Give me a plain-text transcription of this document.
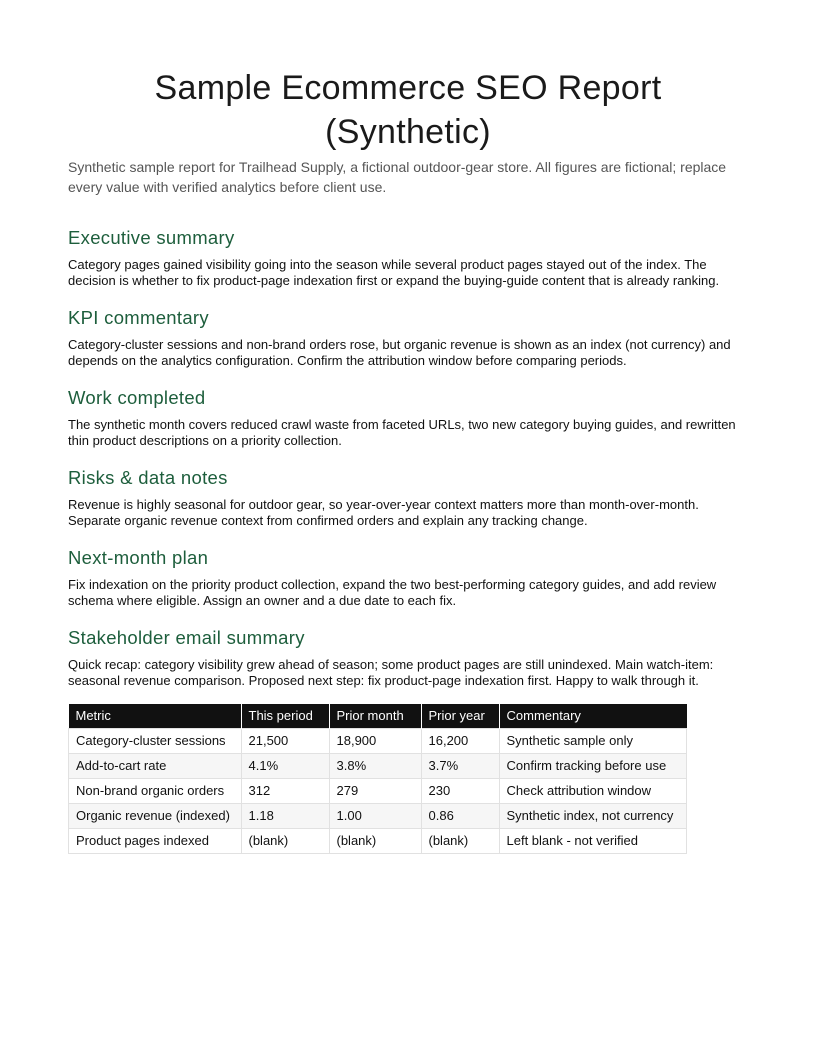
Sample Ecommerce SEO Report (Synthetic)

Synthetic sample report for Trailhead Supply, a fictional outdoor-gear store. All figures are fictional; replace every value with verified analytics before client use.

Executive summary

Category pages gained visibility going into the season while several product pages stayed out of the index. The decision is whether to fix product-page indexation first or expand the buying-guide content that is already ranking.

KPI commentary

Category-cluster sessions and non-brand orders rose, but organic revenue is shown as an index (not currency) and depends on the analytics configuration. Confirm the attribution window before comparing periods.

Work completed

The synthetic month covers reduced crawl waste from faceted URLs, two new category buying guides, and rewritten thin product descriptions on a priority collection.

Risks & data notes

Revenue is highly seasonal for outdoor gear, so year-over-year context matters more than month-over-month. Separate organic revenue context from confirmed orders and explain any tracking change.

Next-month plan

Fix indexation on the priority product collection, expand the two best-performing category guides, and add review schema where eligible. Assign an owner and a due date to each fix.

Stakeholder email summary

Quick recap: category visibility grew ahead of season; some product pages are still unindexed. Main watch-item: seasonal revenue comparison. Proposed next step: fix product-page indexation first. Happy to walk through it.

Metric	This period	Prior month	Prior year	Commentary
Category-cluster sessions	21,500	18,900	16,200	Synthetic sample only
Add-to-cart rate	4.1%	3.8%	3.7%	Confirm tracking before use
Non-brand organic orders	312	279	230	Check attribution window
Organic revenue (indexed)	1.18	1.00	0.86	Synthetic index, not currency
Product pages indexed	(blank)	(blank)	(blank)	Left blank - not verified
